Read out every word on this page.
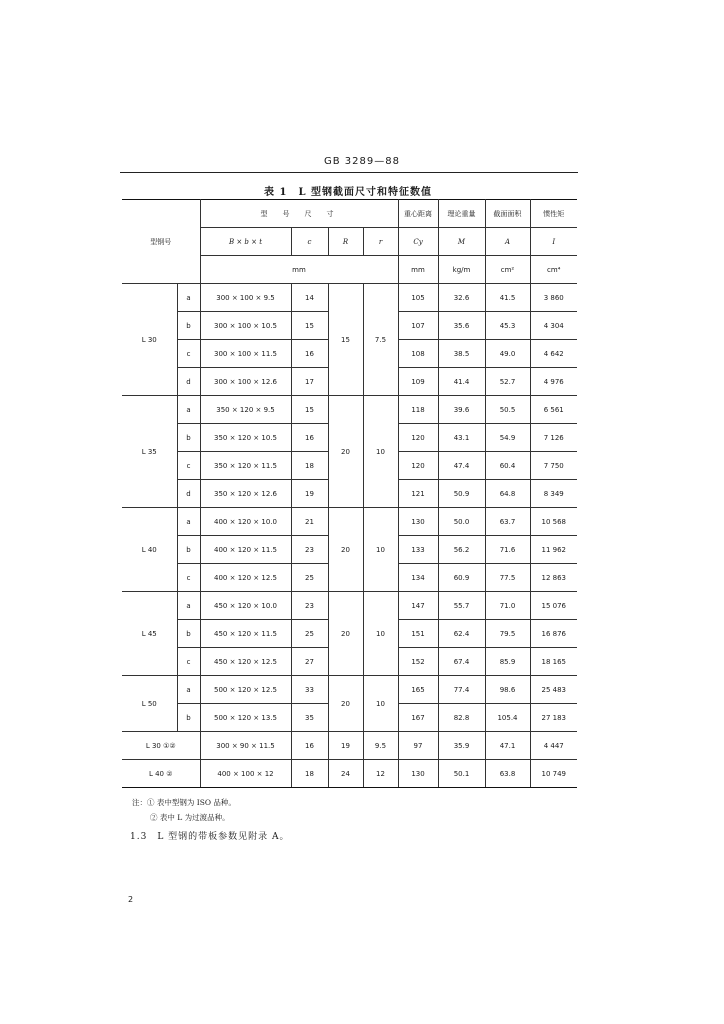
GB 3289—88
表 1　L 型钢截面尺寸和特征数值
型钢号		型　号　尺　寸				重心距离	理论重量	截面面积	惯性矩
		B × b × t	c	R	r	Cy	M	A	I
		mm				mm	kg/m	cm²	cm⁴
L 30	a	300 × 100 × 9.5	14	15	7.5	105	32.6	41.5	3 860
	b	300 × 100 × 10.5	15			107	35.6	45.3	4 304
	c	300 × 100 × 11.5	16			108	38.5	49.0	4 642
	d	300 × 100 × 12.6	17			109	41.4	52.7	4 976
L 35	a	350 × 120 × 9.5	15	20	10	118	39.6	50.5	6 561
	b	350 × 120 × 10.5	16			120	43.1	54.9	7 126
	c	350 × 120 × 11.5	18			120	47.4	60.4	7 750
	d	350 × 120 × 12.6	19			121	50.9	64.8	8 349
L 40	a	400 × 120 × 10.0	21	20	10	130	50.0	63.7	10 568
	b	400 × 120 × 11.5	23			133	56.2	71.6	11 962
	c	400 × 120 × 12.5	25			134	60.9	77.5	12 863
L 45	a	450 × 120 × 10.0	23	20	10	147	55.7	71.0	15 076
	b	450 × 120 × 11.5	25			151	62.4	79.5	16 876
	c	450 × 120 × 12.5	27			152	67.4	85.9	18 165
L 50	a	500 × 120 × 12.5	33	20	10	165	77.4	98.6	25 483
	b	500 × 120 × 13.5	35			167	82.8	105.4	27 183
L 30 ①②		300 × 90 × 11.5	16	19	9.5	97	35.9	47.1	4 447
L 40 ②		400 × 100 × 12	18	24	12	130	50.1	63.8	10 749
注：① 表中型钢为 ISO 品种。
② 表中 L 为过渡品种。
1.3　L 型钢的带板参数见附录 A。
2
